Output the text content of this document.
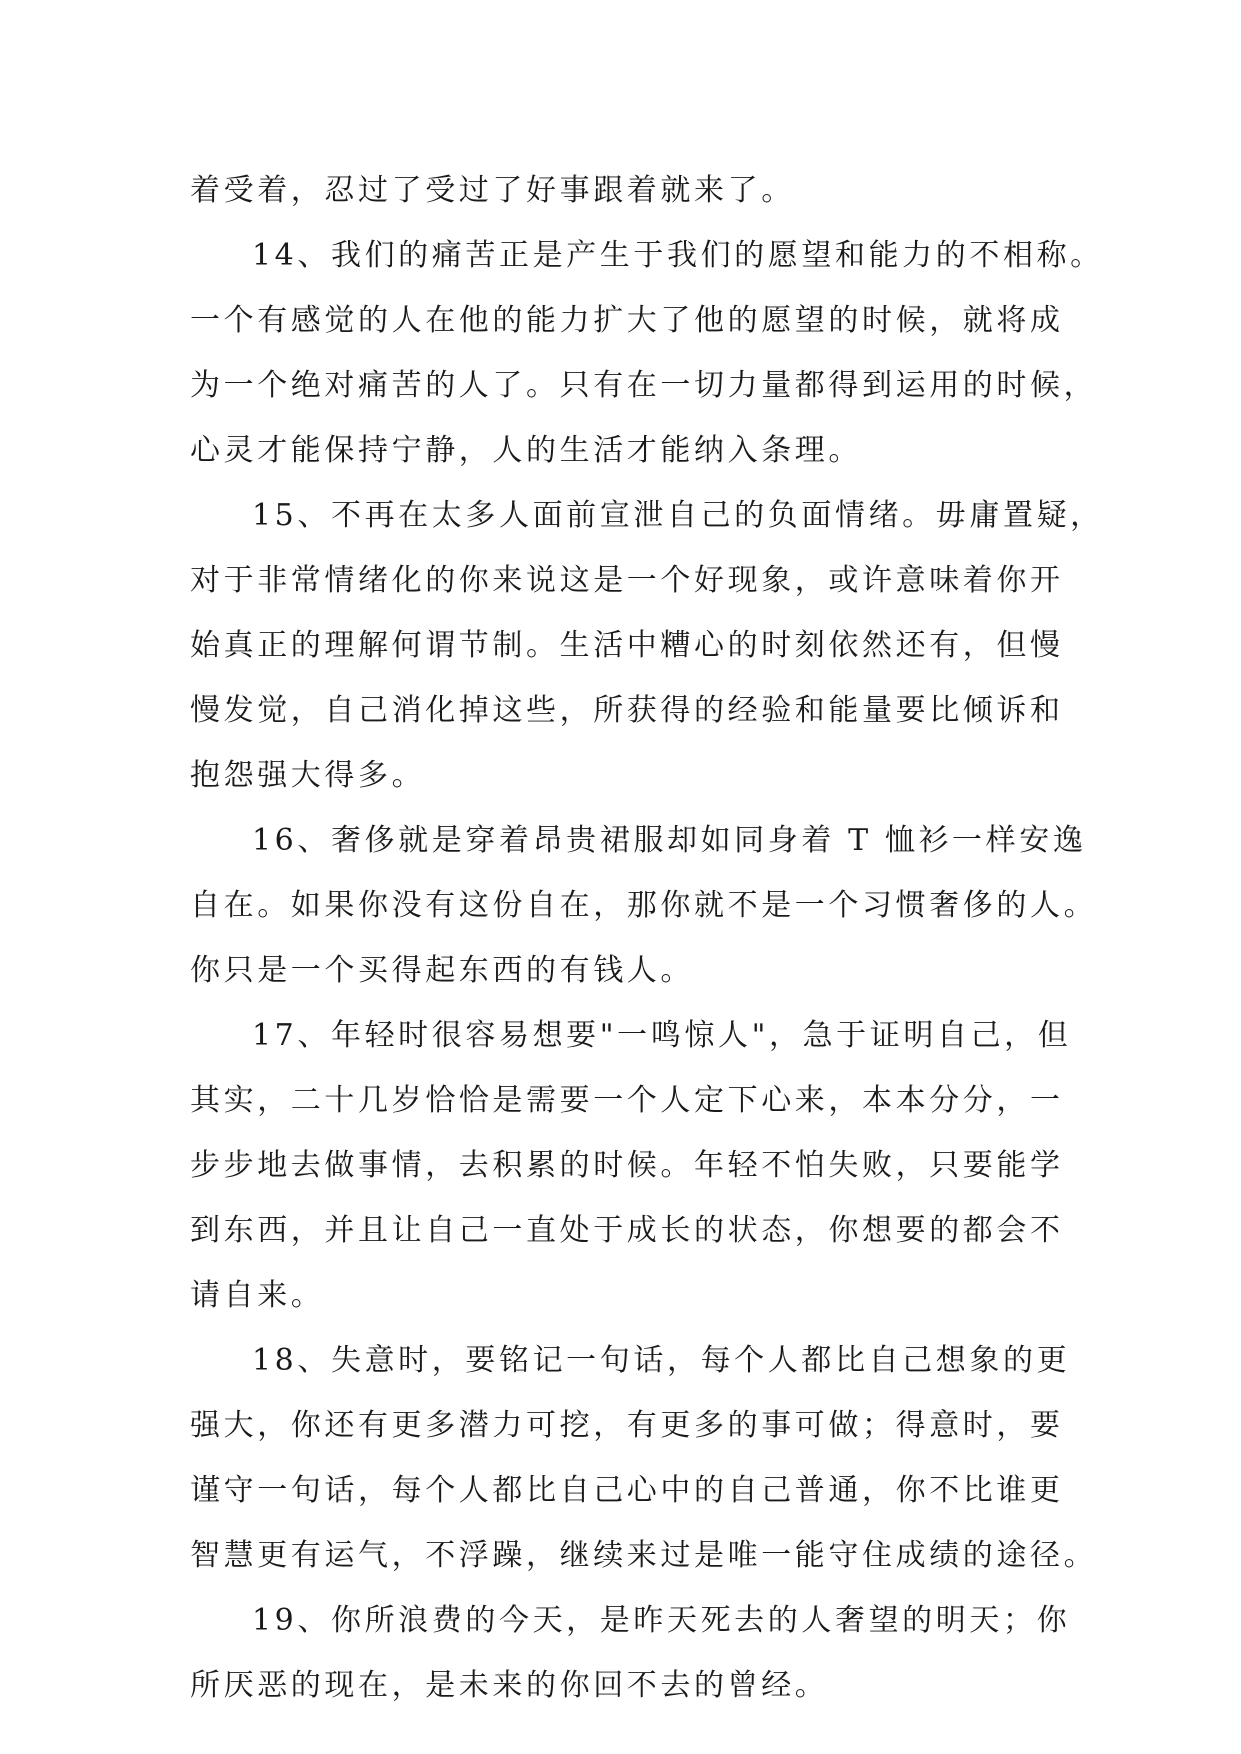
着受着，忍过了受过了好事跟着就来了。
14、我们的痛苦正是产生于我们的愿望和能力的不相称。
一个有感觉的人在他的能力扩大了他的愿望的时候，就将成
为一个绝对痛苦的人了。只有在一切力量都得到运用的时候，
心灵才能保持宁静，人的生活才能纳入条理。
15、不再在太多人面前宣泄自己的负面情绪。毋庸置疑，
对于非常情绪化的你来说这是一个好现象，或许意味着你开
始真正的理解何谓节制。生活中糟心的时刻依然还有，但慢
慢发觉，自己消化掉这些，所获得的经验和能量要比倾诉和
抱怨强大得多。
16、奢侈就是穿着昂贵裙服却如同身着 T 恤衫一样安逸
自在。如果你没有这份自在，那你就不是一个习惯奢侈的人。
你只是一个买得起东西的有钱人。
17、年轻时很容易想要"一鸣惊人"，急于证明自己，但
其实，二十几岁恰恰是需要一个人定下心来，本本分分，一
步步地去做事情，去积累的时候。年轻不怕失败，只要能学
到东西，并且让自己一直处于成长的状态，你想要的都会不
请自来。
18、失意时，要铭记一句话，每个人都比自己想象的更
强大，你还有更多潜力可挖，有更多的事可做；得意时，要
谨守一句话，每个人都比自己心中的自己普通，你不比谁更
智慧更有运气，不浮躁，继续来过是唯一能守住成绩的途径。
19、你所浪费的今天，是昨天死去的人奢望的明天；你
所厌恶的现在，是未来的你回不去的曾经。
